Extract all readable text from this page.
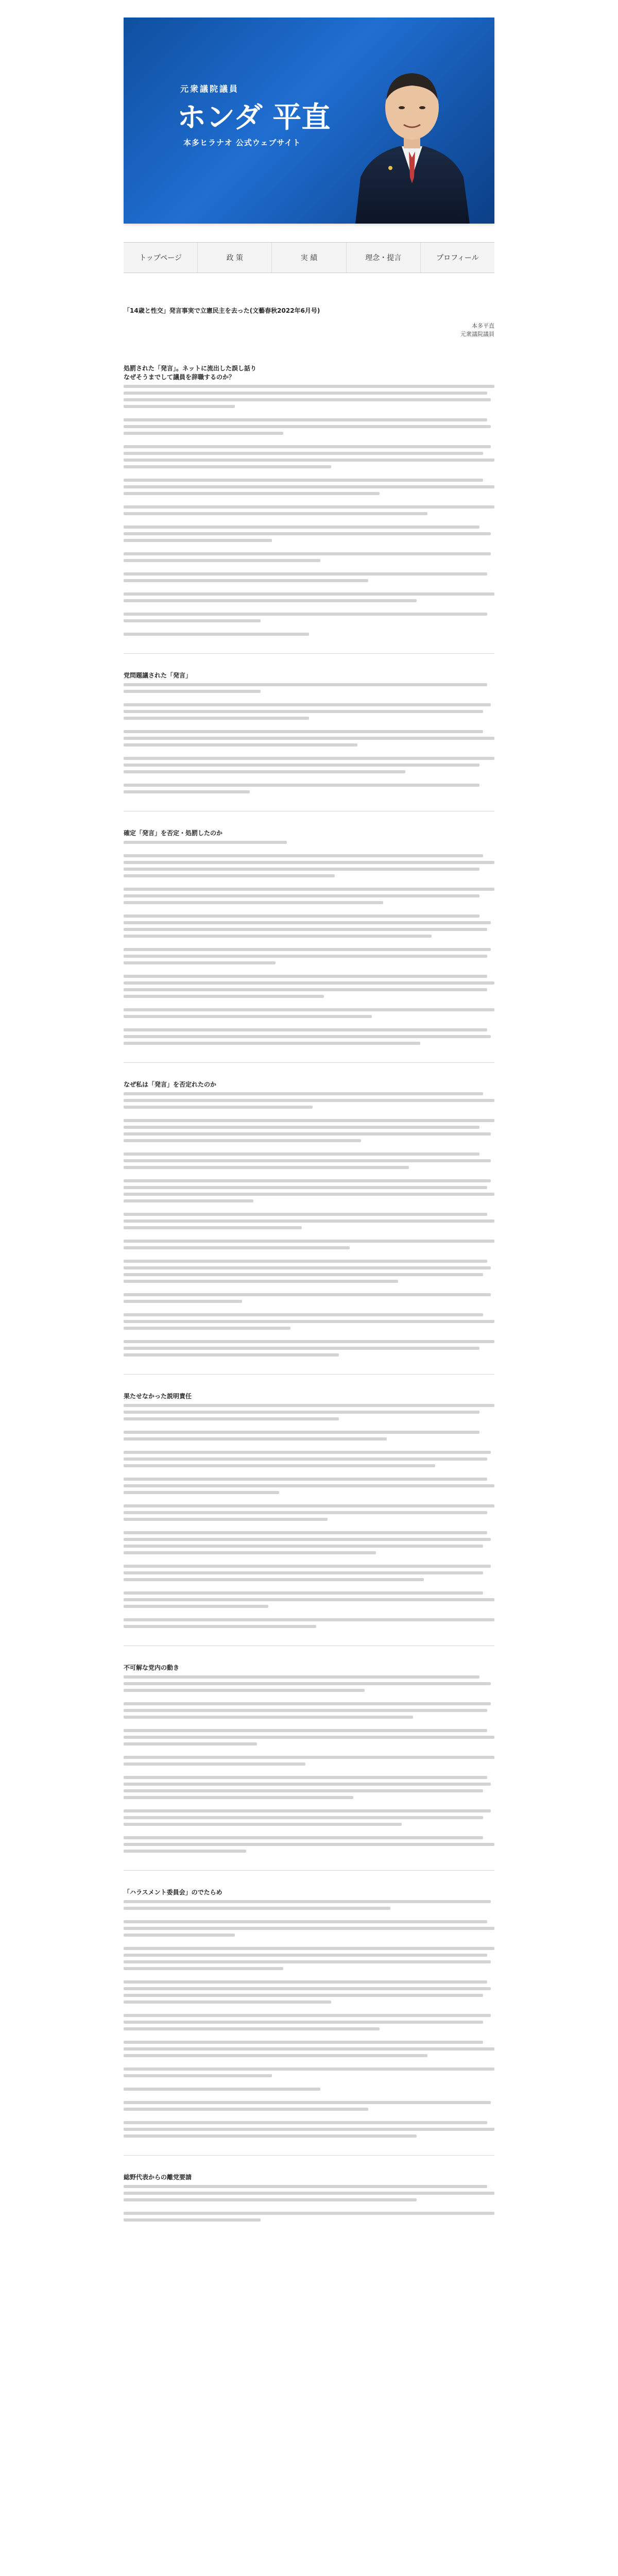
元衆議院議員
ホンダ 平直
本多ヒラナオ 公式ウェブサイト
トップページ	政 策	実 績	理念・提言	プロフィール
「14歳と性交」発言事実で立憲民主を去った(文藝春秋2022年6月号)
本多平直
元衆議院議員
処罰された「発言」。ネットに流出した誤し話り
なぜそうまでして議員を辞職するのか？
党問題議された「発言」
確定「発言」を否定・処罰したのか
なぜ私は「発言」を否定れたのか
果たせなかった説明責任
不可解な党内の動き
「ハラスメント委員会」のでたらめ
総野代表からの離党要請
